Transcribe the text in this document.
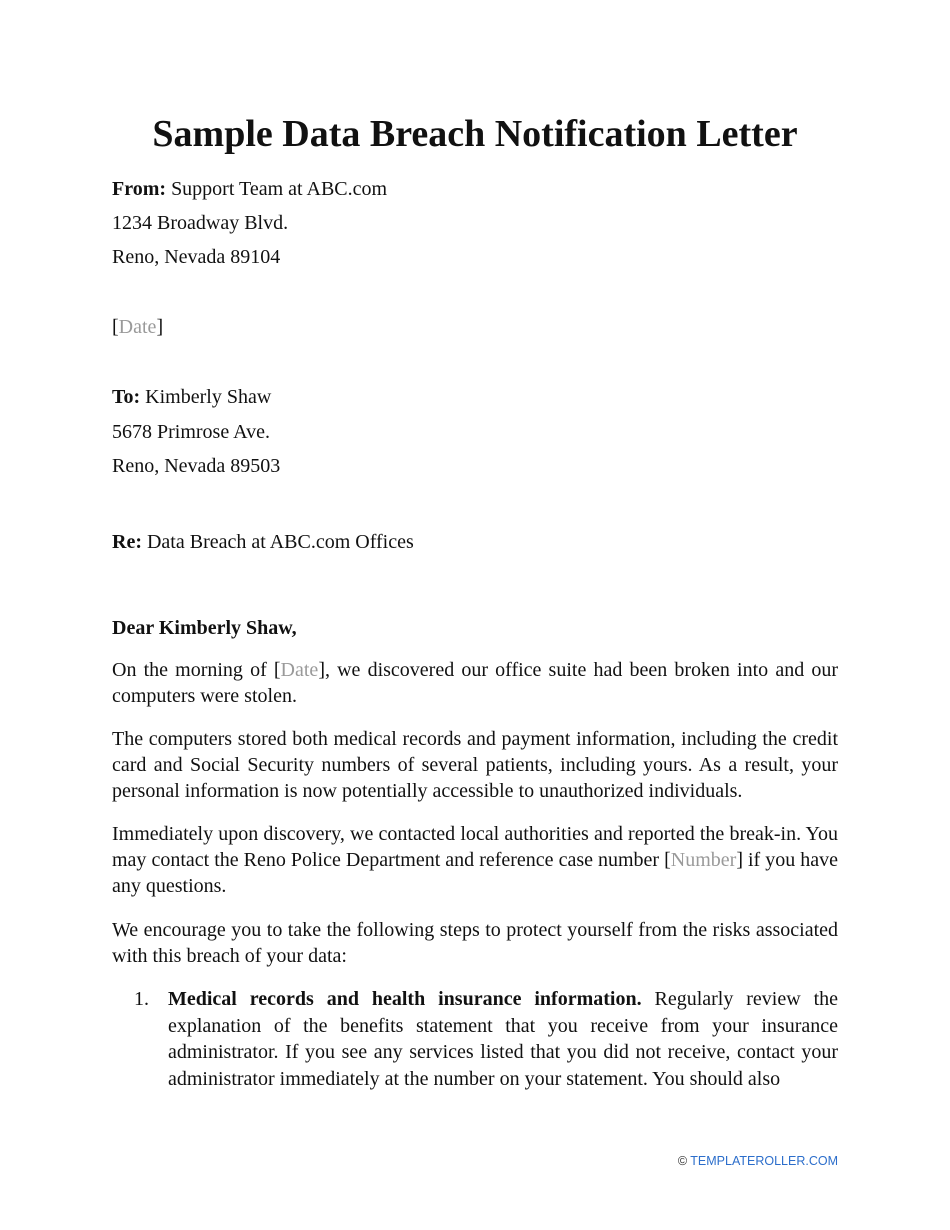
Sample Data Breach Notification Letter
From: Support Team at ABC.com
1234 Broadway Blvd.
Reno, Nevada 89104
[Date]
To: Kimberly Shaw
5678 Primrose Ave.
Reno, Nevada 89503
Re: Data Breach at ABC.com Offices
Dear Kimberly Shaw,

On the morning of [Date], we discovered our office suite had been broken into and our computers were stolen.

The computers stored both medical records and payment information, including the credit card and Social Security numbers of several patients, including yours. As a result, your personal information is now potentially accessible to unauthorized individuals.

Immediately upon discovery, we contacted local authorities and reported the break-in. You may contact the Reno Police Department and reference case number [Number] if you have any questions.

We encourage you to take the following steps to protect yourself from the risks associated with this breach of your data:

1. Medical records and health insurance information. Regularly review the explanation of the benefits statement that you receive from your insurance administrator. If you see any services listed that you did not receive, contact your administrator immediately at the number on your statement. You should also
© TEMPLATEROLLER.COM
